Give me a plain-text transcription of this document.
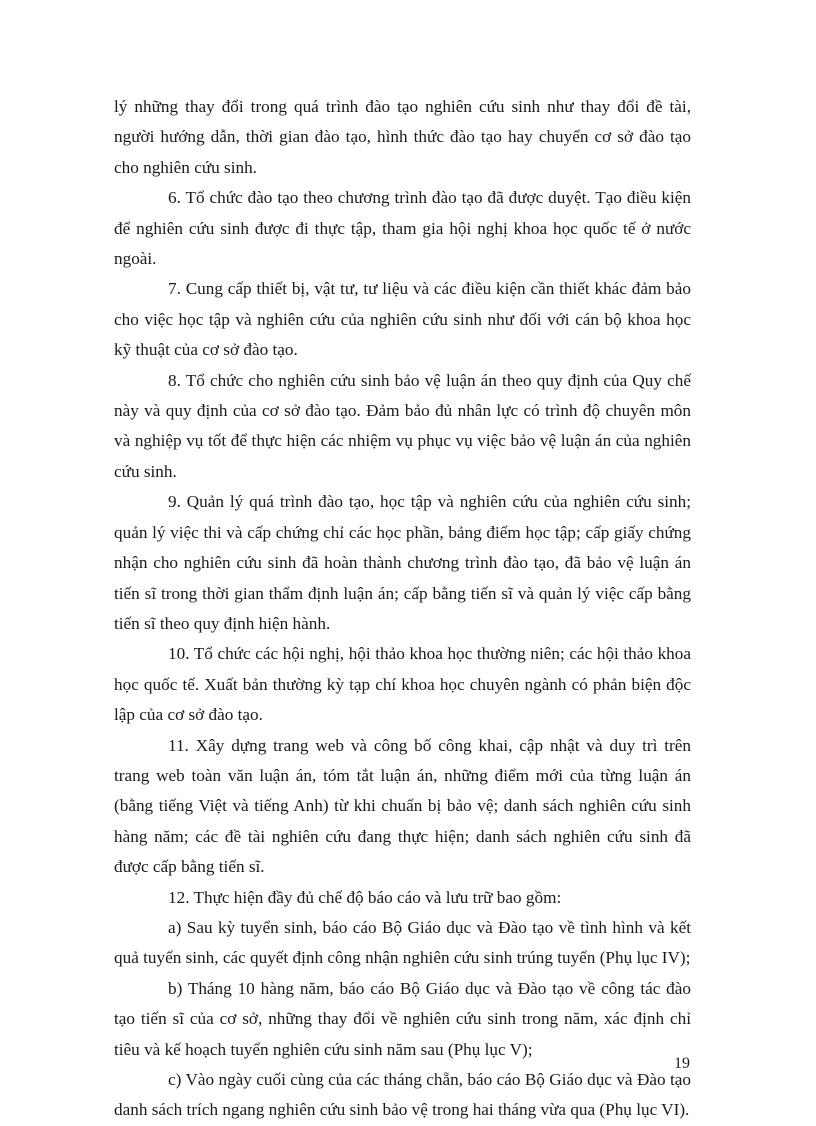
lý những thay đổi trong quá trình đào tạo nghiên cứu sinh như thay đổi đề tài, người hướng dẫn, thời gian đào tạo, hình thức đào tạo hay chuyển cơ sở đào tạo cho nghiên cứu sinh.

6. Tổ chức đào tạo theo chương trình đào tạo đã được duyệt. Tạo điều kiện để nghiên cứu sinh được đi thực tập, tham gia hội nghị khoa học quốc tế ở nước ngoài.

7. Cung cấp thiết bị, vật tư, tư liệu và các điều kiện cần thiết khác đảm bảo cho việc học tập và nghiên cứu của nghiên cứu sinh như đối với cán bộ khoa học kỹ thuật của cơ sở đào tạo.

8. Tổ chức cho nghiên cứu sinh bảo vệ luận án theo quy định của Quy chế này và quy định của cơ sở đào tạo. Đảm bảo đủ nhân lực có trình độ chuyên môn và nghiệp vụ tốt để thực hiện các nhiệm vụ phục vụ việc bảo vệ luận án của nghiên cứu sinh.

9. Quản lý quá trình đào tạo, học tập và nghiên cứu của nghiên cứu sinh; quản lý việc thi và cấp chứng chỉ các học phần, bảng điểm học tập; cấp giấy chứng nhận cho nghiên cứu sinh đã hoàn thành chương trình đào tạo, đã bảo vệ luận án tiến sĩ trong thời gian thẩm định luận án; cấp bằng tiến sĩ và quản lý việc cấp bằng tiến sĩ theo quy định hiện hành.

10. Tổ chức các hội nghị, hội thảo khoa học thường niên; các hội thảo khoa học quốc tế. Xuất bản thường kỳ tạp chí khoa học chuyên ngành có phản biện độc lập của cơ sở đào tạo.

11. Xây dựng trang web và công bố công khai, cập nhật và duy trì trên trang web toàn văn luận án, tóm tắt luận án, những điểm mới của từng luận án (bằng tiếng Việt và tiếng Anh) từ khi chuẩn bị bảo vệ; danh sách nghiên cứu sinh hàng năm; các đề tài nghiên cứu đang thực hiện; danh sách nghiên cứu sinh đã được cấp bằng tiến sĩ.

12. Thực hiện đầy đủ chế độ báo cáo và lưu trữ bao gồm:

a) Sau kỳ tuyển sinh, báo cáo Bộ Giáo dục và Đào tạo về tình hình và kết quả tuyển sinh, các quyết định công nhận nghiên cứu sinh trúng tuyển (Phụ lục IV);

b) Tháng 10 hàng năm, báo cáo Bộ Giáo dục và Đào tạo về công tác đào tạo tiến sĩ của cơ sở, những thay đổi về nghiên cứu sinh trong năm, xác định chỉ tiêu và kế hoạch tuyển nghiên cứu sinh năm sau (Phụ lục V);

c) Vào ngày cuối cùng của các tháng chẵn, báo cáo Bộ Giáo dục và Đào tạo danh sách trích ngang nghiên cứu sinh bảo vệ trong hai tháng vừa qua (Phụ lục VI).

19
